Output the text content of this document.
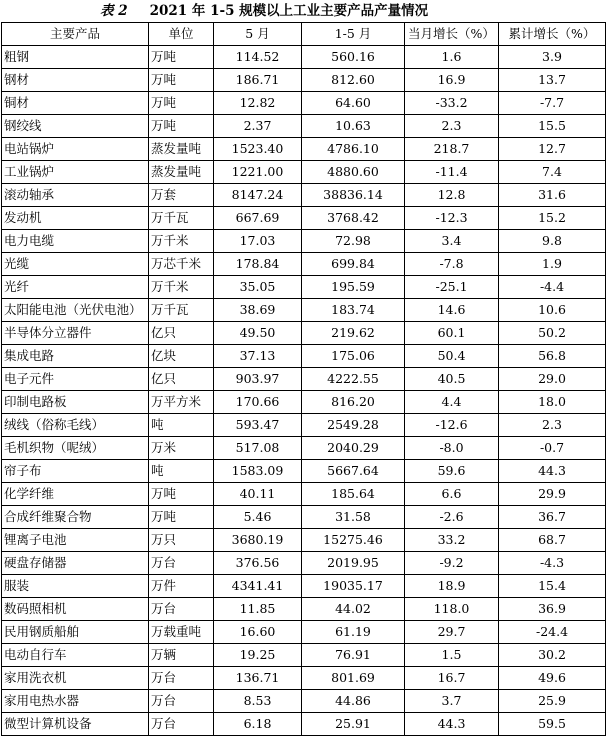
表 2 2021 年 1-5 规模以上工业主要产品产量情况
主要产品	单位	5 月	1-5 月	当月增长（%）	累计增长（%）
粗钢	万吨	114.52	560.16	1.6	3.9
钢材	万吨	186.71	812.60	16.9	13.7
铜材	万吨	12.82	64.60	-33.2	-7.7
钢绞线	万吨	2.37	10.63	2.3	15.5
电站锅炉	蒸发量吨	1523.40	4786.10	218.7	12.7
工业锅炉	蒸发量吨	1221.00	4880.60	-11.4	7.4
滚动轴承	万套	8147.24	38836.14	12.8	31.6
发动机	万千瓦	667.69	3768.42	-12.3	15.2
电力电缆	万千米	17.03	72.98	3.4	9.8
光缆	万芯千米	178.84	699.84	-7.8	1.9
光纤	万千米	35.05	195.59	-25.1	-4.4
太阳能电池（光伏电池）	万千瓦	38.69	183.74	14.6	10.6
半导体分立器件	亿只	49.50	219.62	60.1	50.2
集成电路	亿块	37.13	175.06	50.4	56.8
电子元件	亿只	903.97	4222.55	40.5	29.0
印制电路板	万平方米	170.66	816.20	4.4	18.0
绒线（俗称毛线）	吨	593.47	2549.28	-12.6	2.3
毛机织物（呢绒）	万米	517.08	2040.29	-8.0	-0.7
帘子布	吨	1583.09	5667.64	59.6	44.3
化学纤维	万吨	40.11	185.64	6.6	29.9
合成纤维聚合物	万吨	5.46	31.58	-2.6	36.7
锂离子电池	万只	3680.19	15275.46	33.2	68.7
硬盘存储器	万台	376.56	2019.95	-9.2	-4.3
服装	万件	4341.41	19035.17	18.9	15.4
数码照相机	万台	11.85	44.02	118.0	36.9
民用钢质船舶	万载重吨	16.60	61.19	29.7	-24.4
电动自行车	万辆	19.25	76.91	1.5	30.2
家用洗衣机	万台	136.71	801.69	16.7	49.6
家用电热水器	万台	8.53	44.86	3.7	25.9
微型计算机设备	万台	6.18	25.91	44.3	59.5
